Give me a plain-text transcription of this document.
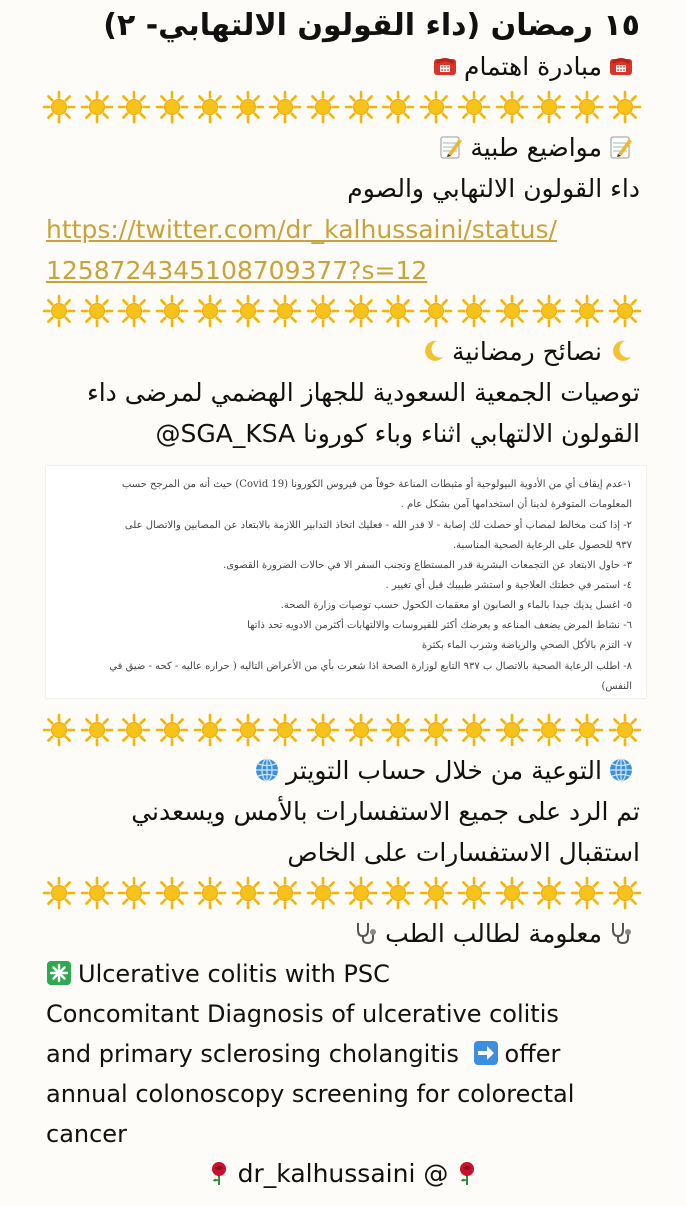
١٥ رمضان (داء القولون الالتهابي- ٢)
مبادرة اهتمام
مواضيع طبية
داء القولون الالتهابي والصوم
https://twitter.com/dr_kalhussaini/status/
1258724345108709377?s=12
نصائح رمضانية
توصيات الجمعية السعودية للجهاز الهضمي لمرضى داء
القولون الالتهابي اثناء وباء كورونا SGA_KSA@
١-عدم إيقاف أي من الأدوية البيولوجية أو مثبطات المناعة خوفاً من فيروس الكورونا (Covid 19) حيث أنه من المرجح حسب
المعلومات المتوفرة لدينا أن استخدامها آمن بشكل عام .
٢- إذا كنت مخالط لمصاب أو حصلت لك إصابة - لا قدر الله - فعليك اتخاذ التدابير اللازمة بالابتعاد عن المصابين والاتصال على
٩٣٧ للحصول على الرعاية الصحية المناسبة.
٣- حاول الابتعاد عن التجمعات البشرية قدر المستطاع وتجنب السفر الا في حالات الضرورة القصوى.
٤- استمر في خطتك العلاجية و استشر طبيبك قبل أي تغيير .
٥- اغسل يديك جيدا بالماء و الصابون او معقمات الكحول حسب توصيات وزارة الصحة.
٦- نشاط المرض يضعف المناعه و يعرضك أكثر للفيروسات والالتهابات أكثرمن الادويه تحد ذاتها
٧- التزم بالأكل الصحي والرياضة وشرب الماء بكثرة
٨- اطلب الرعاية الصحية بالاتصال ب ٩٣٧ التابع لوزارة الصحة اذا شعرت بأي من الأعراض التاليه ( حراره عاليه - كحه - ضيق في
النفس)
التوعية من خلال حساب التويتر
تم الرد على جميع الاستفسارات بالأمس ويسعدني
استقبال الاستفسارات على الخاص
معلومة لطالب الطب
Ulcerative colitis with PSC
Concomitant Diagnosis of ulcerative colitis
and primary sclerosing cholangitis offer
annual colonoscopy screening for colorectal
cancer
dr_kalhussaini @
